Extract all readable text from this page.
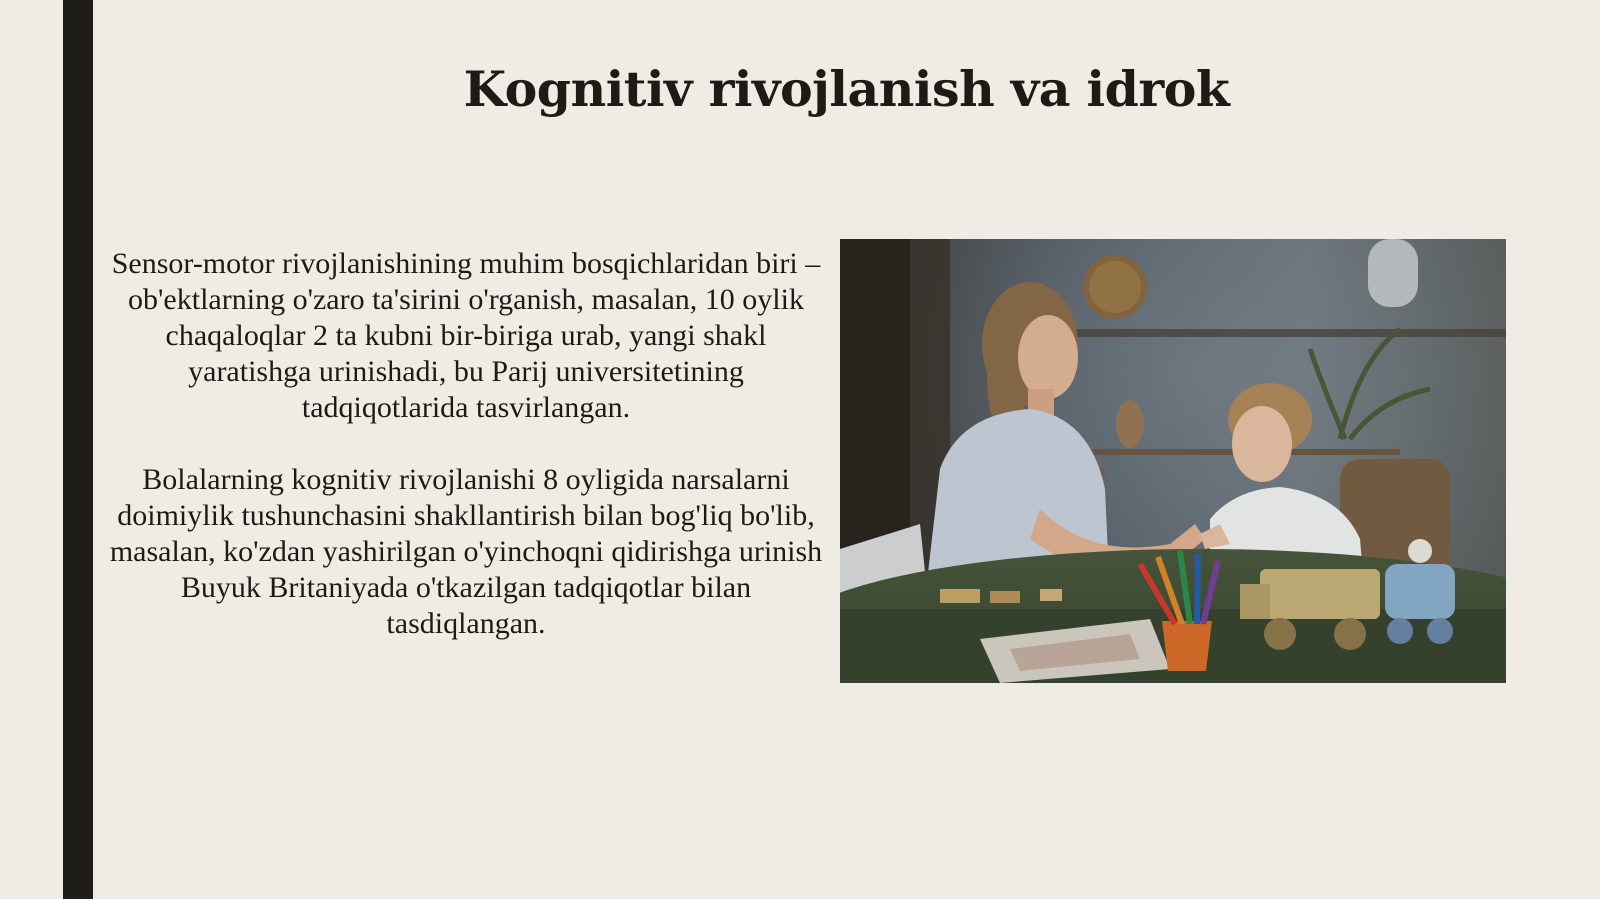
Kognitiv rivojlanish va idrok

Sensor-motor rivojlanishining muhim bosqichlaridan biri – ob'ektlarning o'zaro ta'sirini o'rganish, masalan, 10 oylik chaqaloqlar 2 ta kubni bir-biriga urab, yangi shakl yaratishga urinishadi, bu Parij universitetining tadqiqotlarida tasvirlangan.

Bolalarning kognitiv rivojlanishi 8 oyligida narsalarni doimiylik tushunchasini shakllantirish bilan bog'liq bo'lib, masalan, ko'zdan yashirilgan o'yinchoqni qidirishga urinish Buyuk Britaniyada o'tkazilgan tadqiqotlar bilan tasdiqlangan.
